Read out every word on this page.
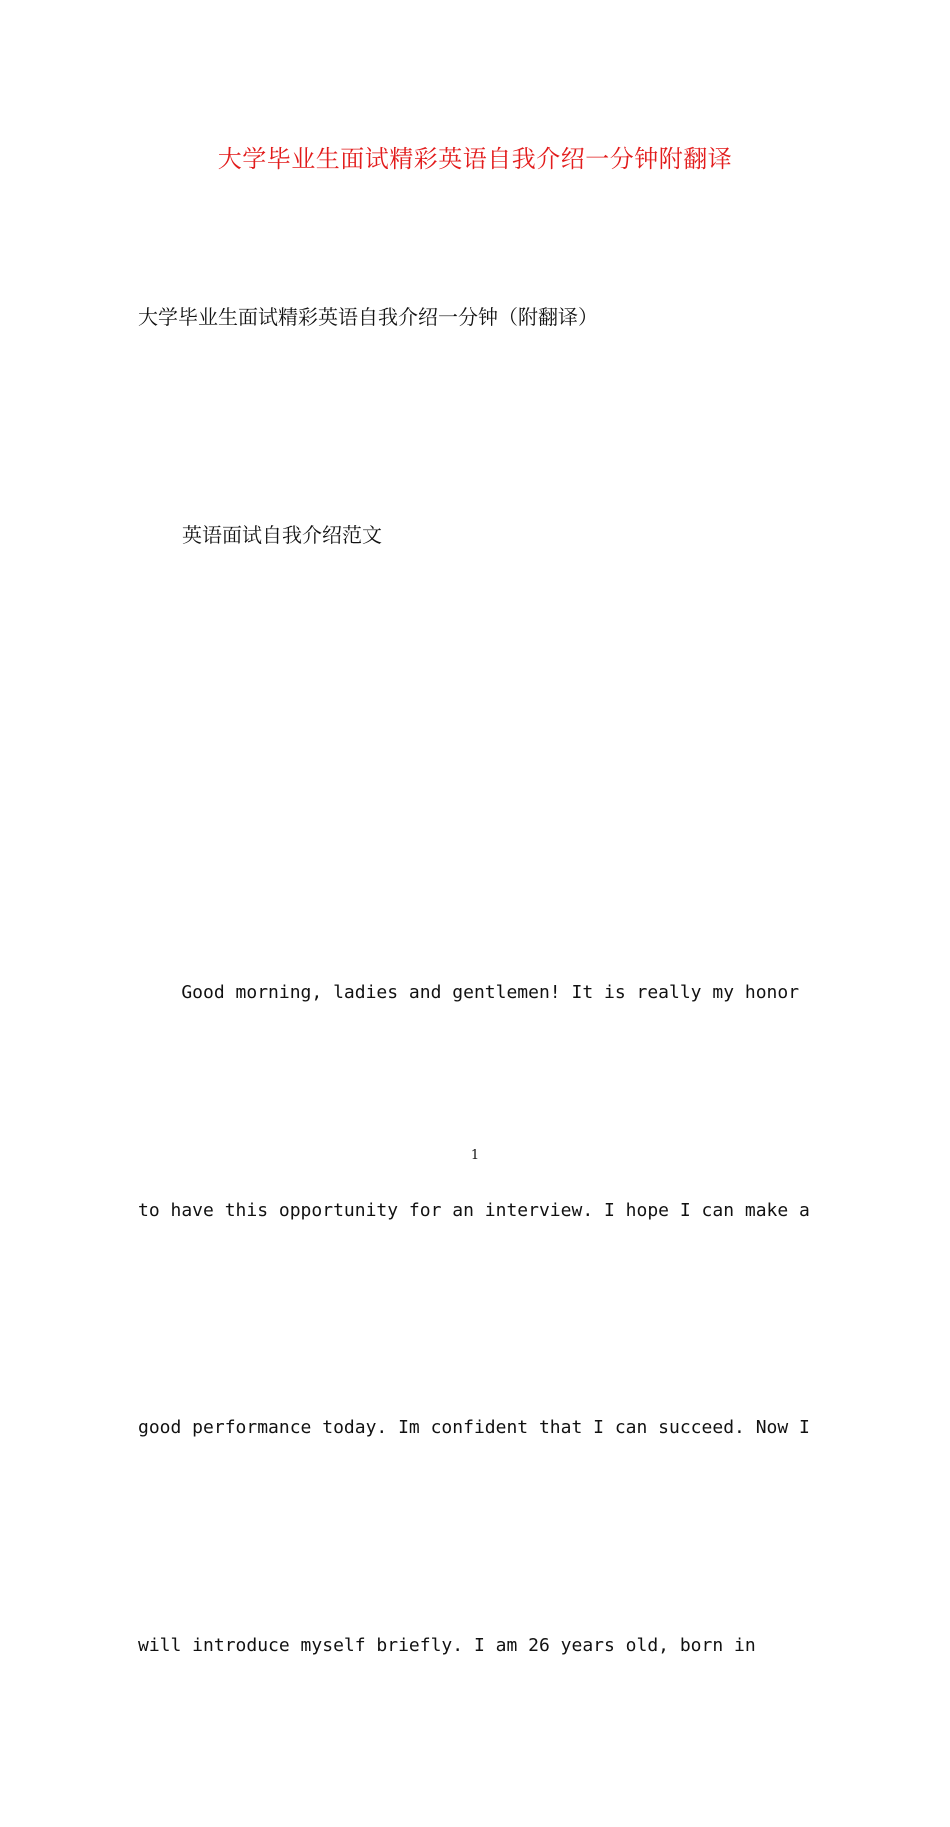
大学毕业生面试精彩英语自我介绍一分钟附翻译
大学毕业生面试精彩英语自我介绍一分钟（附翻译）
英语面试自我介绍范文

Good morning, ladies and gentlemen! It is really my honor

to have this opportunity for an interview. I hope I can make a

good performance today. Im confident that I can succeed. Now I

will introduce myself briefly. I am 26 years old, born in

1
